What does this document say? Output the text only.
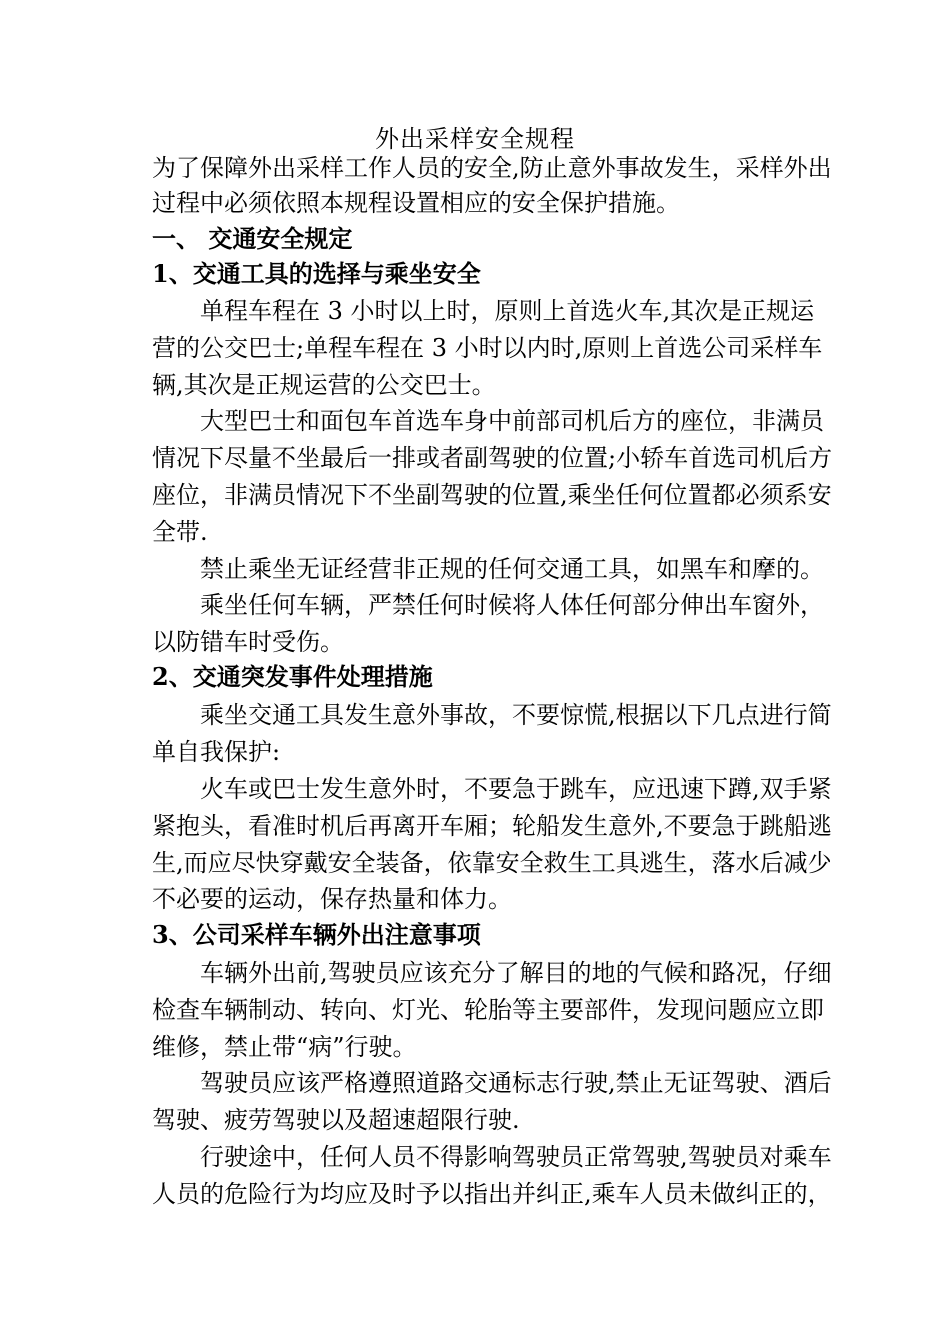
外出采样安全规程
为了保障外出采样工作人员的安全,防止意外事故发生，采样外出
过程中必须依照本规程设置相应的安全保护措施。
一、 交通安全规定
1、交通工具的选择与乘坐安全
单程车程在 3 小时以上时，原则上首选火车,其次是正规运
营的公交巴士;单程车程在 3 小时以内时,原则上首选公司采样车
辆,其次是正规运营的公交巴士。
大型巴士和面包车首选车身中前部司机后方的座位，非满员
情况下尽量不坐最后一排或者副驾驶的位置;小轿车首选司机后方
座位，非满员情况下不坐副驾驶的位置,乘坐任何位置都必须系安
全带.
禁止乘坐无证经营非正规的任何交通工具，如黑车和摩的。
乘坐任何车辆，严禁任何时候将人体任何部分伸出车窗外，
以防错车时受伤。
2、交通突发事件处理措施
乘坐交通工具发生意外事故，不要惊慌,根据以下几点进行简
单自我保护:
火车或巴士发生意外时，不要急于跳车，应迅速下蹲,双手紧
紧抱头，看准时机后再离开车厢；轮船发生意外,不要急于跳船逃
生,而应尽快穿戴安全装备，依靠安全救生工具逃生，落水后减少
不必要的运动，保存热量和体力。
3、公司采样车辆外出注意事项
车辆外出前,驾驶员应该充分了解目的地的气候和路况，仔细
检查车辆制动、转向、灯光、轮胎等主要部件，发现问题应立即
维修，禁止带“病”行驶。
驾驶员应该严格遵照道路交通标志行驶,禁止无证驾驶、酒后
驾驶、疲劳驾驶以及超速超限行驶.
行驶途中，任何人员不得影响驾驶员正常驾驶,驾驶员对乘车
人员的危险行为均应及时予以指出并纠正,乘车人员未做纠正的，
